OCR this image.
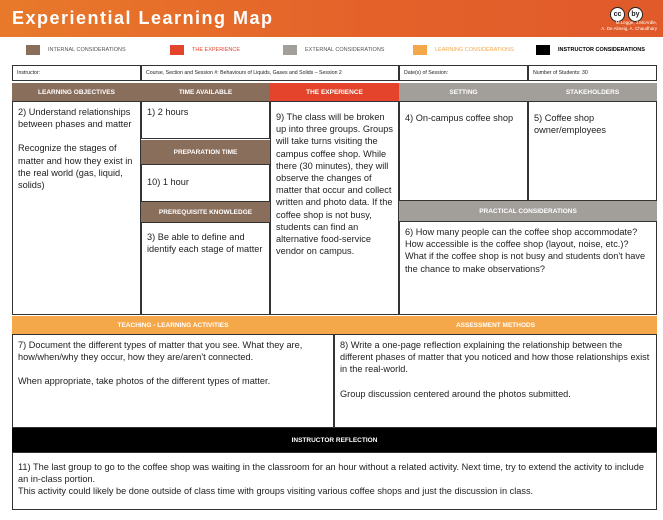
Experiential Learning Map	cc by
M.Legge, J.McArdle,
A. De Almeig, A. Chaudhary
INTERNAL CONSIDERATIONS	THE EXPERIENCE	EXTERNAL CONSIDERATIONS	LEARNING CONSIDERATIONS	INSTRUCTOR CONSIDERATIONS
Instructor:	Course, Section and Session #: Behaviours of Liquids, Gases and Solids – Session 2	Date(s) of Session:	Number of Students: 30
LEARNING OBJECTIVES
2) Understand relationships between phases and matter
Recognize the stages of matter and how they exist in the real world (gas, liquid, solids)
TIME AVAILABLE
1) 2 hours
PREPARATION TIME
10) 1 hour
PREREQUISITE KNOWLEDGE
3) Be able to define and identify each stage of matter
THE EXPERIENCE
9) The class will be broken up into three groups. Groups will take turns visiting the campus coffee shop. While there (30 minutes), they will observe the changes of matter that occur and collect written and photo data. If the coffee shop is not busy, students can find an alternative food-service vendor on campus.
SETTING
4) On-campus coffee shop
STAKEHOLDERS
5) Coffee shop owner/employees
PRACTICAL CONSIDERATIONS
6) How many people can the coffee shop accommodate? How accessible is the coffee shop (layout, noise, etc.)?
What if the coffee shop is not busy and students don't have the chance to make observations?
TEACHING - LEARNING ACTIVITIES
7) Document the different types of matter that you see. What they are, how/when/why they occur, how they are/aren't connected.
When appropriate, take photos of the different types of matter.
ASSESSMENT METHODS
8) Write a one-page reflection explaining the relationship between the different phases of matter that you noticed and how those relationships exist in the real-world.
Group discussion centered around the photos submitted.
INSTRUCTOR REFLECTION
11) The last group to go to the coffee shop was waiting in the classroom for an hour without a related activity. Next time, try to extend the activity to include an in-class portion.
This activity could likely be done outside of class time with groups visiting various coffee shops and just the discussion in class.
